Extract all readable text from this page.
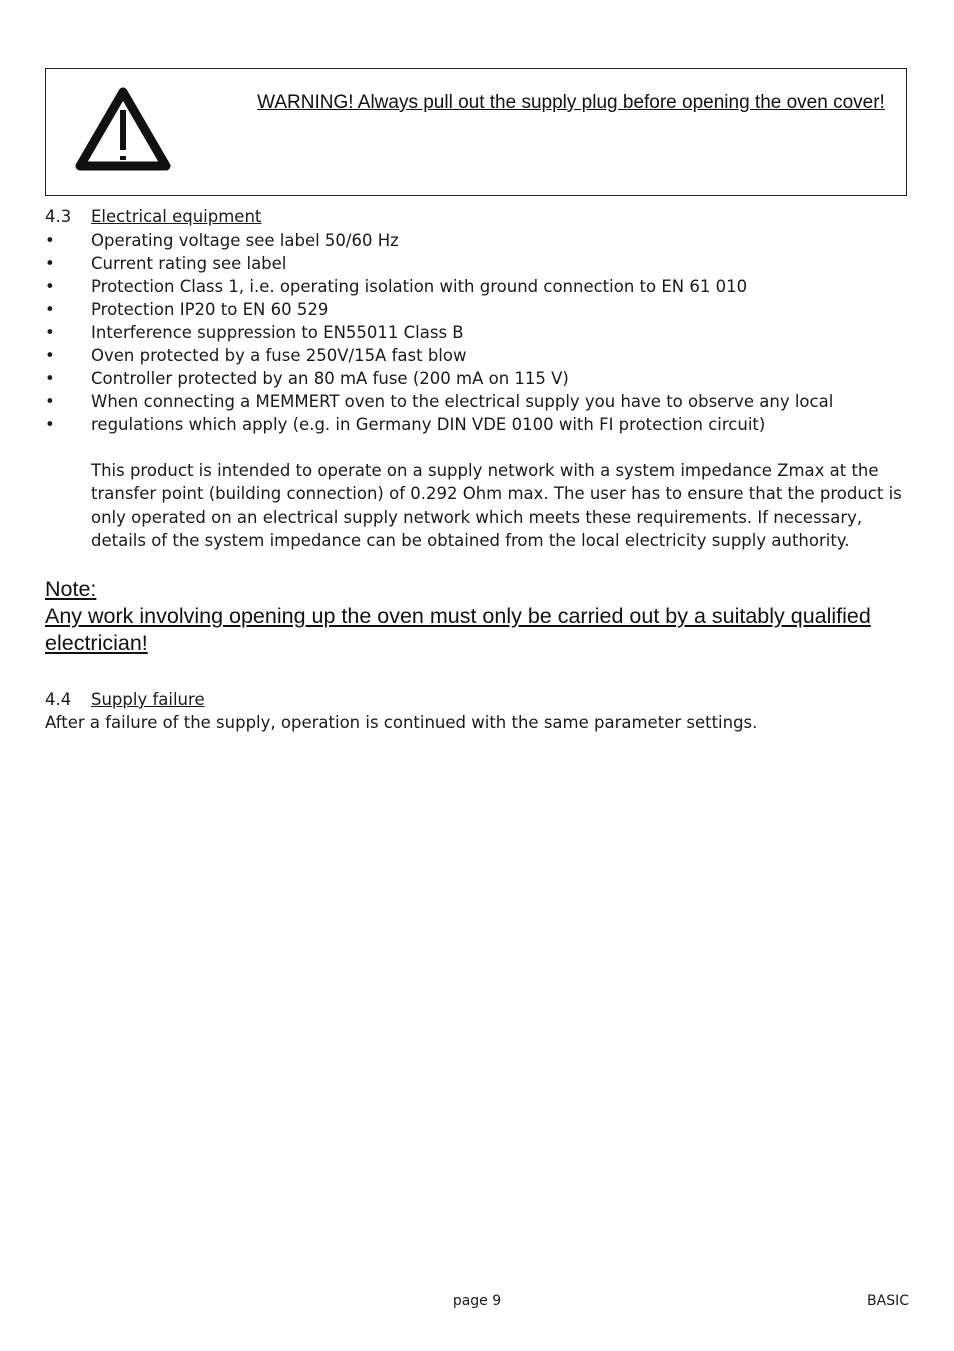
WARNING! Always pull out the supply plug before opening the oven cover!
4.3 Electrical equipment
• Operating voltage see label 50/60 Hz
• Current rating see label
• Protection Class 1, i.e. operating isolation with ground connection to EN 61 010
• Protection IP20 to EN 60 529
• Interference suppression to EN55011 Class B
• Oven protected by a fuse 250V/15A fast blow
• Controller protected by an 80 mA fuse (200 mA on 115 V)
• When connecting a MEMMERT oven to the electrical supply you have to observe any local
• regulations which apply (e.g. in Germany DIN VDE 0100 with FI protection circuit)
This product is intended to operate on a supply network with a system impedance Zmax at the transfer point (building connection) of 0.292 Ohm max. The user has to ensure that the product is only operated on an electrical supply network which meets these requirements. If necessary, details of the system impedance can be obtained from the local electricity supply authority.
Note:
Any work involving opening up the oven must only be carried out by a suitably qualified electrician!
4.4 Supply failure
After a failure of the supply, operation is continued with the same parameter settings.
page 9	BASIC
